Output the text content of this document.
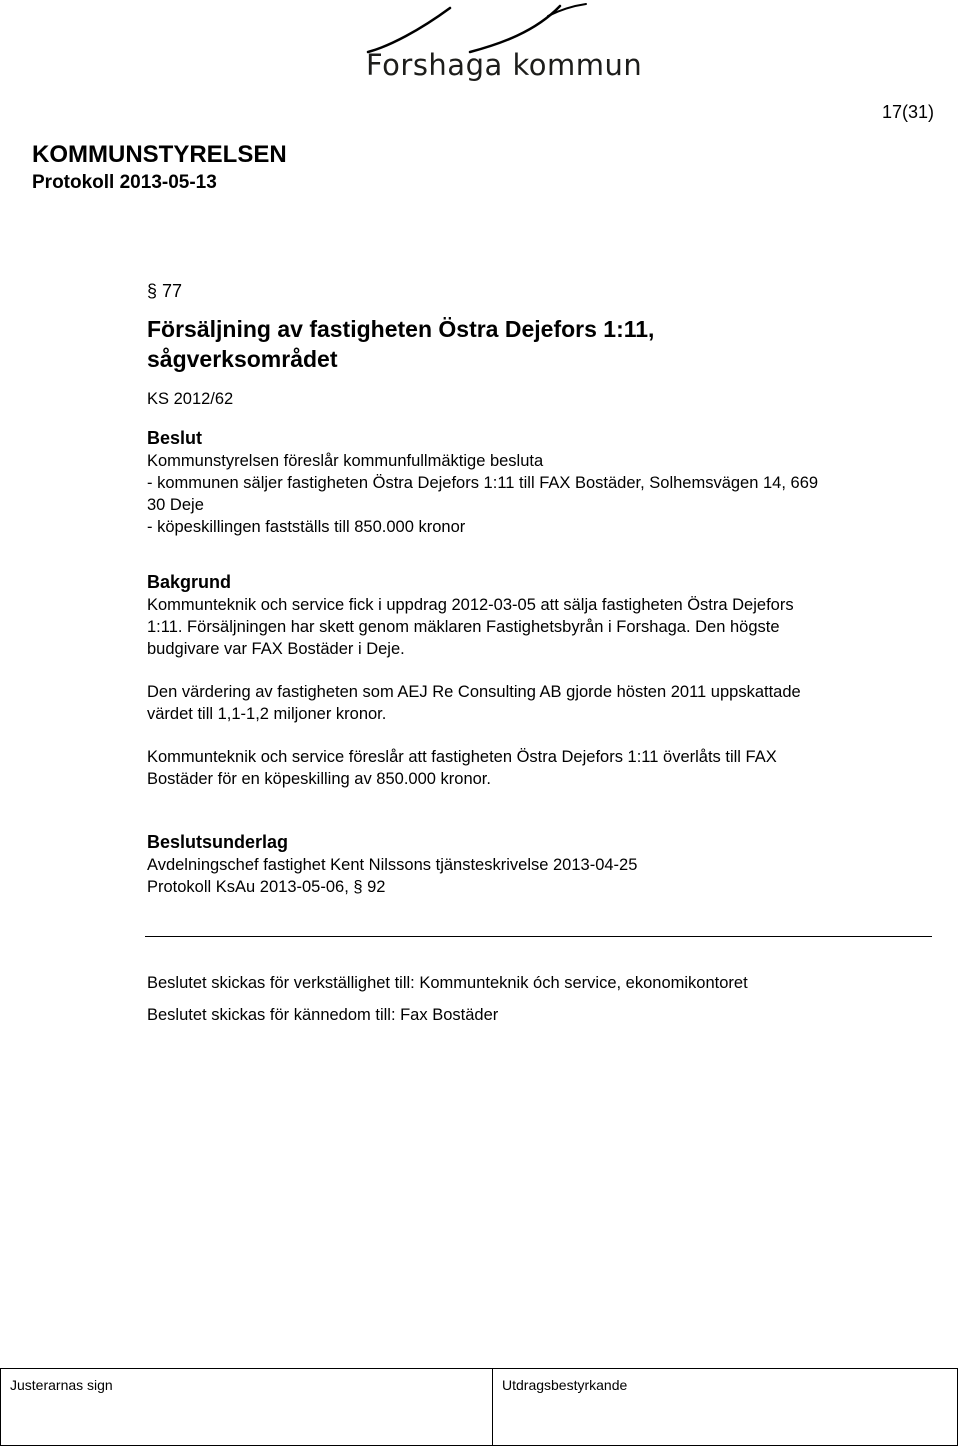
Forshaga kommun
17(31)
KOMMUNSTYRELSEN
Protokoll 2013-05-13
§ 77
Försäljning av fastigheten Östra Dejefors 1:11,
sågverksområdet
KS 2012/62
Beslut

Kommunstyrelsen föreslår kommunfullmäktige besluta
- kommunen säljer fastigheten Östra Dejefors 1:11 till FAX Bostäder, Solhemsvägen 14, 669
30 Deje
- köpeskillingen fastställs till 850.000 kronor

Bakgrund

Kommunteknik och service fick i uppdrag 2012-03-05 att sälja fastigheten Östra Dejefors
1:11. Försäljningen har skett genom mäklaren Fastighetsbyrån i Forshaga. Den högste
budgivare var FAX Bostäder i Deje.

Den värdering av fastigheten som AEJ Re Consulting AB gjorde hösten 2011 uppskattade
värdet till 1,1-1,2 miljoner kronor.

Kommunteknik och service föreslår att fastigheten Östra Dejefors 1:11 överlåts till FAX
Bostäder för en köpeskilling av 850.000 kronor.

Beslutsunderlag

Avdelningschef fastighet Kent Nilssons tjänsteskrivelse 2013-04-25
Protokoll KsAu 2013-05-06, § 92

Beslutet skickas för verkställighet till: Kommunteknik óch service, ekonomikontoret
Beslutet skickas för kännedom till: Fax Bostäder
Justerarnas sign	Utdragsbestyrkande
